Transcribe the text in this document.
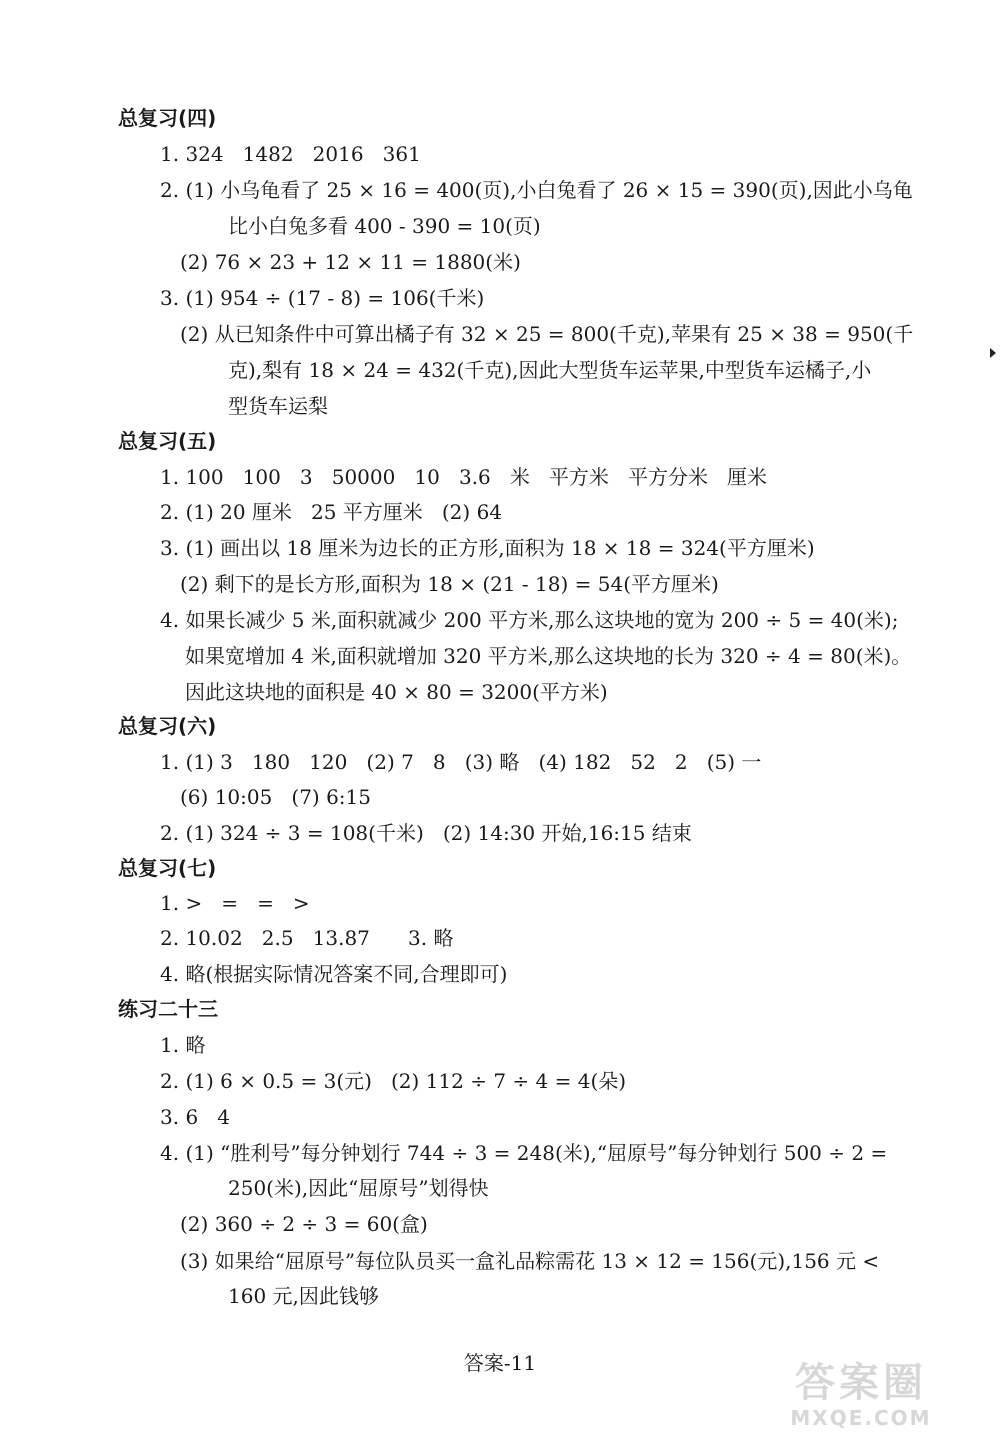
总复习(四)
1. 324   1482   2016   361
2. (1) 小乌龟看了 25 × 16 = 400(页),小白兔看了 26 × 15 = 390(页),因此小乌龟
比小白兔多看 400 - 390 = 10(页)
(2) 76 × 23 + 12 × 11 = 1880(米)
3. (1) 954 ÷ (17 - 8) = 106(千米)
(2) 从已知条件中可算出橘子有 32 × 25 = 800(千克),苹果有 25 × 38 = 950(千
克),梨有 18 × 24 = 432(千克),因此大型货车运苹果,中型货车运橘子,小
型货车运梨
总复习(五)
1. 100   100   3   50000   10   3.6   米   平方米   平方分米   厘米
2. (1) 20 厘米   25 平方厘米   (2) 64
3. (1) 画出以 18 厘米为边长的正方形,面积为 18 × 18 = 324(平方厘米)
(2) 剩下的是长方形,面积为 18 × (21 - 18) = 54(平方厘米)
4. 如果长减少 5 米,面积就减少 200 平方米,那么这块地的宽为 200 ÷ 5 = 40(米);
如果宽增加 4 米,面积就增加 320 平方米,那么这块地的长为 320 ÷ 4 = 80(米)。
因此这块地的面积是 40 × 80 = 3200(平方米)
总复习(六)
1. (1) 3   180   120   (2) 7   8   (3) 略   (4) 182   52   2   (5) 一
(6) 10:05   (7) 6:15
2. (1) 324 ÷ 3 = 108(千米)   (2) 14:30 开始,16:15 结束
总复习(七)
1. >   =   =   >
2. 10.02   2.5   13.87      3. 略
4. 略(根据实际情况答案不同,合理即可)
练习二十三
1. 略
2. (1) 6 × 0.5 = 3(元)   (2) 112 ÷ 7 ÷ 4 = 4(朵)
3. 6   4
4. (1) “胜利号”每分钟划行 744 ÷ 3 = 248(米),“屈原号”每分钟划行 500 ÷ 2 =
250(米),因此“屈原号”划得快
(2) 360 ÷ 2 ÷ 3 = 60(盒)
(3) 如果给“屈原号”每位队员买一盒礼品粽需花 13 × 12 = 156(元),156 元 <
160 元,因此钱够
答案-11	答案圈
MXQE.COM
